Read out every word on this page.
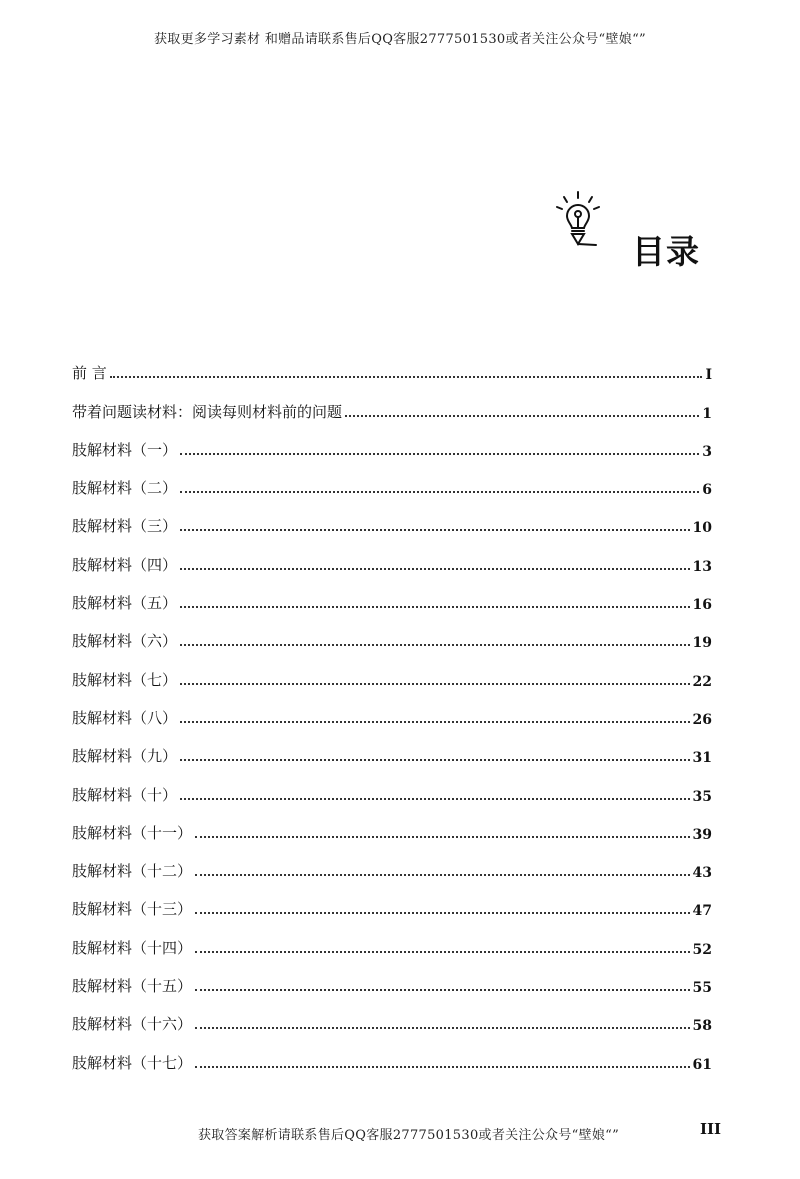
获取更多学习素材 和赠品请联系售后QQ客服2777501530或者关注公众号“壁娘“”
目录
前 言	I
带着问题读材料：阅读每则材料前的问题	1
肢解材料（一）	3
肢解材料（二）	6
肢解材料（三）	10
肢解材料（四）	13
肢解材料（五）	16
肢解材料（六）	19
肢解材料（七）	22
肢解材料（八）	26
肢解材料（九）	31
肢解材料（十）	35
肢解材料（十一）	39
肢解材料（十二）	43
肢解材料（十三）	47
肢解材料（十四）	52
肢解材料（十五）	55
肢解材料（十六）	58
肢解材料（十七）	61
获取答案解析请联系售后QQ客服2777501530或者关注公众号“壁娘“”	III
